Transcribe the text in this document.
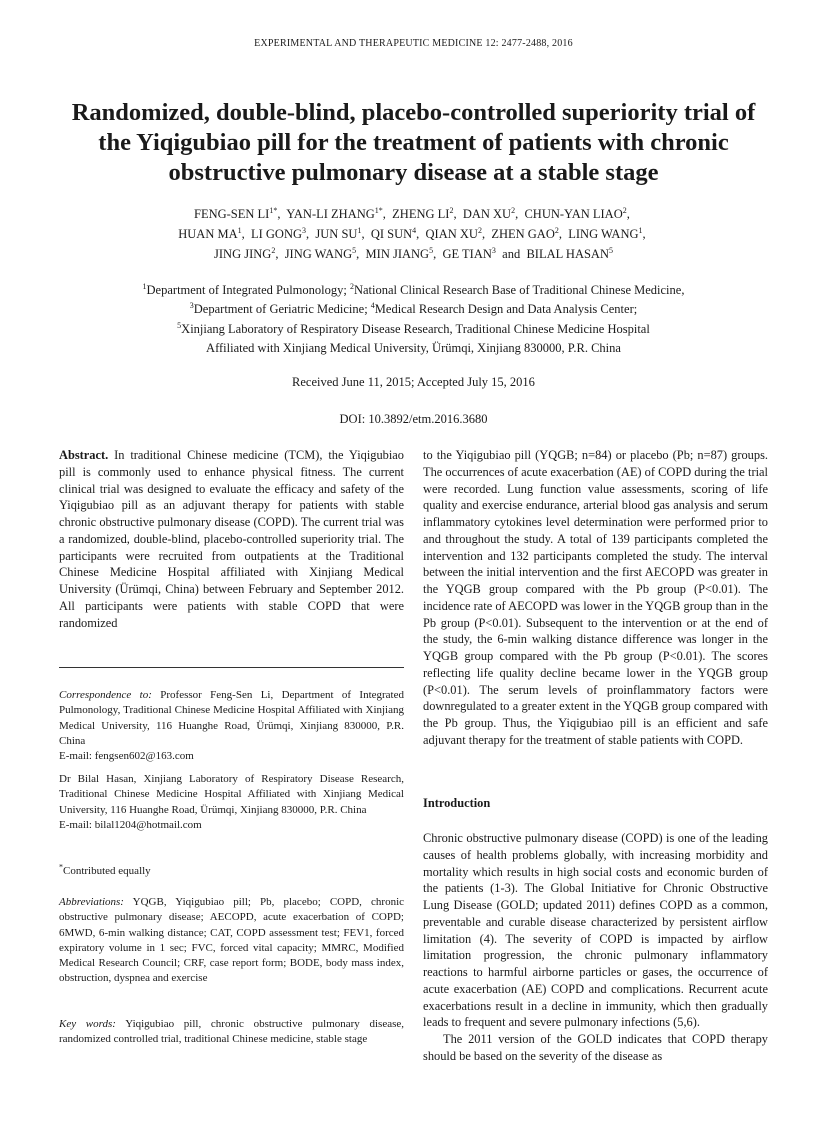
EXPERIMENTAL AND THERAPEUTIC MEDICINE 12: 2477-2488, 2016
Randomized, double-blind, placebo-controlled superiority trial of the Yiqigubiao pill for the treatment of patients with chronic obstructive pulmonary disease at a stable stage
FENG-SEN $LI^{1*}$,  YAN-LI $ZHANG^{1*}$,  ZHENG $LI^2$,  DAN $XU^2$,  CHUN-YAN LIAO$^2$,
HUAN $MA^1$,  LI GONG$^3$,  JUN $SU^1$,  QI SUN$^4$,  QIAN $XU^2$,  ZHEN GAO$^2$,  LING WANG$^1$,
JING JING$^2$,  JING WANG$^5$,  MIN JIANG$^5$,  GE TIAN$^3$ and BILAL HASAN$^5$
$^1$Department of Integrated Pulmonology; $^2$National Clinical Research Base of Traditional Chinese Medicine,
$^3$Department of Geriatric Medicine; $^4$Medical Research Design and Data Analysis Center;
$^5$Xinjiang Laboratory of Respiratory Disease Research, Traditional Chinese Medicine Hospital
Affiliated with Xinjiang Medical University, Ürümqi, Xinjiang 830000, P.R. China
Received June 11, 2015; Accepted July 15, 2016
DOI: 10.3892/etm.2016.3680

Abstract. In traditional Chinese medicine (TCM), the Yiqigubiao pill is commonly used to enhance physical fitness. The current clinical trial was designed to evaluate the efficacy and safety of the Yiqigubiao pill as an adjuvant therapy for patients with stable chronic obstructive pulmonary disease (COPD). The current trial was a randomized, double-blind, placebo-controlled superiority trial. The participants were recruited from outpatients at the Traditional Chinese Medicine Hospital affiliated with Xinjiang Medical University (Ürümqi, China) between February and September 2012. All participants were patients with stable COPD that were randomized

to the Yiqigubiao pill (YQGB; n=84) or placebo (Pb; n=87) groups. The occurrences of acute exacerbation (AE) of COPD during the trial were recorded. Lung function value assessments, scoring of life quality and exercise endurance, arterial blood gas analysis and serum inflammatory cytokines level determination were performed prior to and throughout the study. A total of 139 participants completed the intervention and 132 participants completed the study. The interval between the initial intervention and the first AECOPD was greater in the YQGB group compared with the Pb group (P<0.01). The incidence rate of AECOPD was lower in the YQGB group than in the Pb group (P<0.01). Subsequent to the intervention or at the end of the study, the 6-min walking distance difference was longer in the YQGB group compared with the Pb group (P<0.01). The scores reflecting life quality decline became lower in the YQGB group (P<0.01). The serum levels of proinflammatory factors were downregulated to a greater extent in the YQGB group compared with the Pb group. Thus, the Yiqigubiao pill is an efficient and safe adjuvant therapy for the treatment of stable patients with COPD.

Correspondence to: Professor Feng-Sen Li, Department of Integrated Pulmonology, Traditional Chinese Medicine Hospital Affiliated with Xinjiang Medical University, 116 Huanghe Road, Ürümqi, Xinjiang 830000, P.R. China

E-mail: fengsen602@163.com

Dr Bilal Hasan, Xinjiang Laboratory of Respiratory Disease Research, Traditional Chinese Medicine Hospital Affiliated with Xinjiang Medical University, 116 Huanghe Road, Ürümqi, Xinjiang 830000, P.R. China

E-mail: bilal1204@hotmail.com

*Contributed equally
Abbreviations: YQGB, Yiqigubiao pill; Pb, placebo; COPD, chronic obstructive pulmonary disease; AECOPD, acute exacerbation of COPD; 6MWD, 6-min walking distance; CAT, COPD assessment test; FEV1, forced expiratory volume in 1 sec; FVC, forced vital capacity; MMRC, Modified Medical Research Council; CRF, case report form; BODE, body mass index, obstruction, dyspnea and exercise
Key words: Yiqigubiao pill, chronic obstructive pulmonary disease, randomized controlled trial, traditional Chinese medicine, stable stage
Introduction

Chronic obstructive pulmonary disease (COPD) is one of the leading causes of health problems globally, with increasing morbidity and mortality which results in high social costs and economic burden of the patients (1-3). The Global Initiative for Chronic Obstructive Lung Disease (GOLD; updated 2011) defines COPD as a common, preventable and curable disease characterized by persistent airflow limitation (4). The severity of COPD is impacted by airflow limitation progression, the chronic pulmonary inflammatory reactions to harmful airborne particles or gases, the occurrence of acute exacerbation (AE) COPD and complications. Recurrent acute exacerbations result in a decline in immunity, which then gradually leads to frequent and severe pulmonary infections (5,6).

The 2011 version of the GOLD indicates that COPD therapy should be based on the severity of the disease as
